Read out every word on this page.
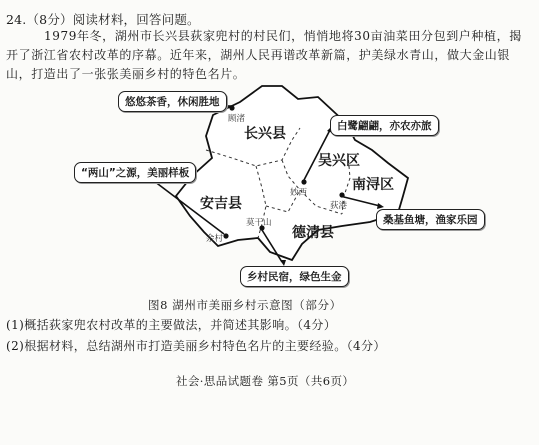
24.（8分）阅读材料，回答问题。
1979年冬，湖州市长兴县荻家兜村的村民们，悄悄地将30亩油菜田分包到户种植，揭开了浙江省农村改革的序幕。近年来，湖州人民再谱改革新篇，护美绿水青山，做大金山银山，打造出了一张张美丽乡村的特色名片。
悠悠茶香，休闲胜地
白鹭翩翩，亦农亦旅
“两山”之源，美丽样板
桑基鱼塘，渔家乐园
乡村民宿，绿色生金
长兴县
安吉县
吴兴区
南浔区
德清县
顾渚
妙西
荻港
余村
莫干山
图8 湖州市美丽乡村示意图（部分）
(1)概括荻家兜农村改革的主要做法，并简述其影响。（4分）
(2)根据材料，总结湖州市打造美丽乡村特色名片的主要经验。（4分）
社会·思品试题卷 第5页（共6页）
